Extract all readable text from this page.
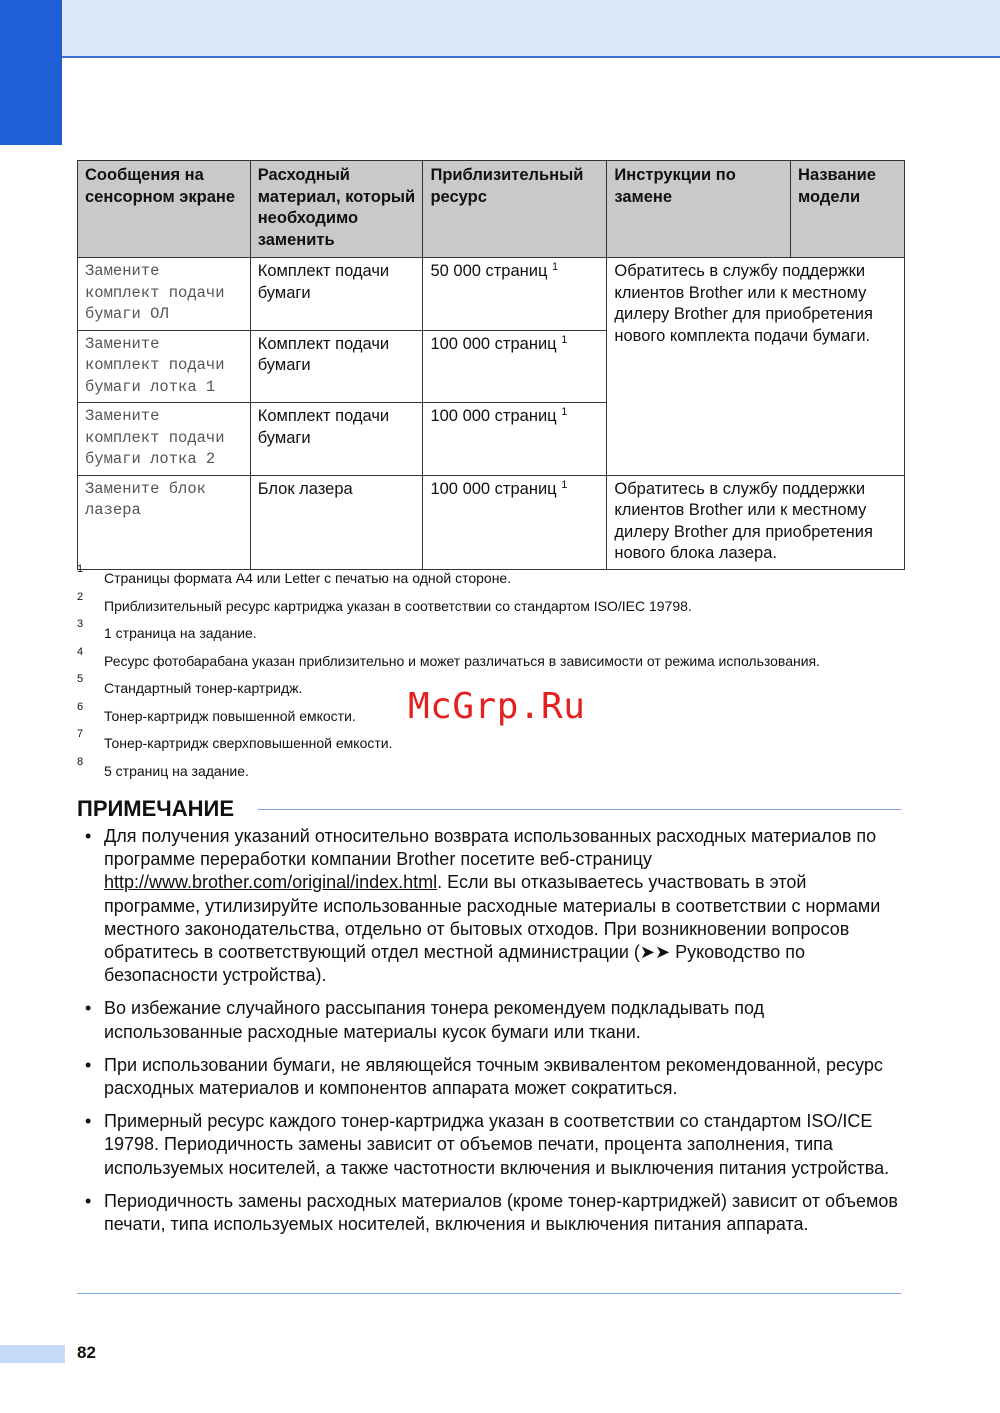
Сообщения на сенсорном экране	Расходный материал, который необходимо заменить	Приблизительный ресурс	Инструкции по замене	Название модели
Замените комплект подачи бумаги ОЛ	Комплект подачи бумаги	50 000 страниц $^1$	Обратитесь в службу поддержки клиентов Brother или к местному дилеру Brother для приобретения нового комплекта подачи бумаги.	
Замените комплект подачи бумаги лотка 1	Комплект подачи бумаги	100 000 страниц $^1$
Замените комплект подачи бумаги лотка 2	Комплект подачи бумаги	100 000 страниц $^1$
Замените блок лазера	Блок лазера	100 000 страниц $^1$	Обратитесь в службу поддержки клиентов Brother или к местному дилеру Brother для приобретения нового блока лазера.	
1
Страницы формата A4 или Letter с печатью на одной стороне.
2
Приблизительный ресурс картриджа указан в соответствии со стандартом ISO/IEC 19798.
3
1 страница на задание.
4
Ресурс фотобарабана указан приблизительно и может различаться в зависимости от режима использования.
5
Стандартный тонер-картридж.
6
Тонер-картридж повышенной емкости.
7
Тонер-картридж сверхповышенной емкости.
8
5 страниц на задание.
McGrp.Ru
ПРИМЕЧАНИЕ
• Для получения указаний относительно возврата использованных расходных материалов по программе переработки компании Brother посетите веб-страницу http://www.brother.com/original/index.html. Если вы отказываетесь участвовать в этой программе, утилизируйте использованные расходные материалы в соответствии с нормами местного законодательства, отдельно от бытовых отходов. При возникновении вопросов обратитесь в соответствующий отдел местной администрации (➤➤ Руководство по безопасности устройства).
• Во избежание случайного рассыпания тонера рекомендуем подкладывать под использованные расходные материалы кусок бумаги или ткани.
• При использовании бумаги, не являющейся точным эквивалентом рекомендованной, ресурс расходных материалов и компонентов аппарата может сократиться.
• Примерный ресурс каждого тонер-картриджа указан в соответствии со стандартом ISO/ICE 19798. Периодичность замены зависит от объемов печати, процента заполнения, типа используемых носителей, а также частотности включения и выключения питания устройства.
• Периодичность замены расходных материалов (кроме тонер-картриджей) зависит от объемов печати, типа используемых носителей, включения и выключения питания аппарата.
82
